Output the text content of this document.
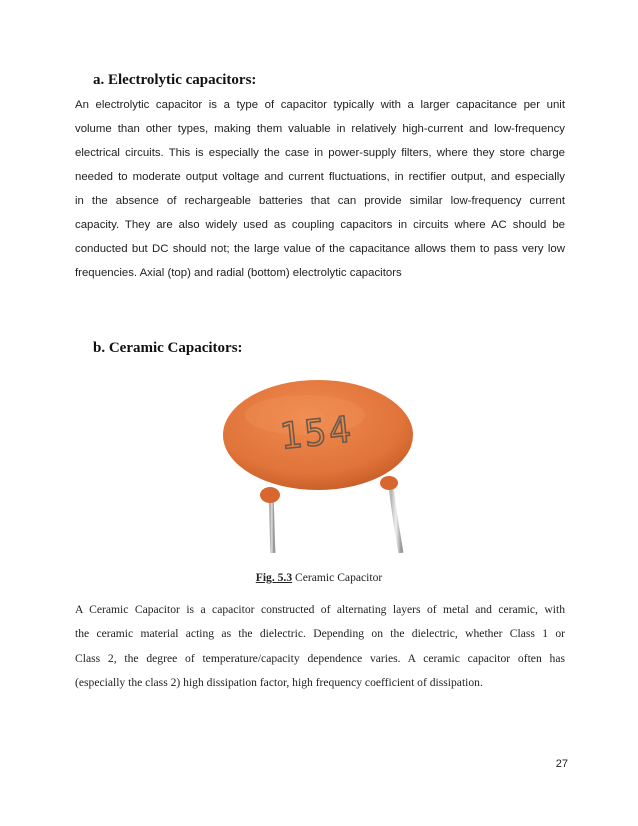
a. Electrolytic capacitors:
An electrolytic capacitor is a type of capacitor typically with a larger capacitance per unit
volume than other types, making them valuable in relatively high-current and low-frequency
electrical circuits. This is especially the case in power-supply filters, where they store charge
needed to moderate output voltage and current fluctuations, in rectifier output, and especially
in the absence of rechargeable batteries that can provide similar low-frequency current
capacity. They are also widely used as coupling capacitors in circuits where AC should be
conducted but DC should not; the large value of the capacitance allows them to pass very low
frequencies. Axial (top) and radial (bottom) electrolytic capacitors
b. Ceramic Capacitors:
154
Fig. 5.3 Ceramic Capacitor
A Ceramic Capacitor is a capacitor constructed of alternating layers of metal and ceramic, with
the ceramic material acting as the dielectric. Depending on the dielectric, whether Class 1 or
Class 2, the degree of temperature/capacity dependence varies. A ceramic capacitor often has
(especially the class 2) high dissipation factor, high frequency coefficient of dissipation.
27
